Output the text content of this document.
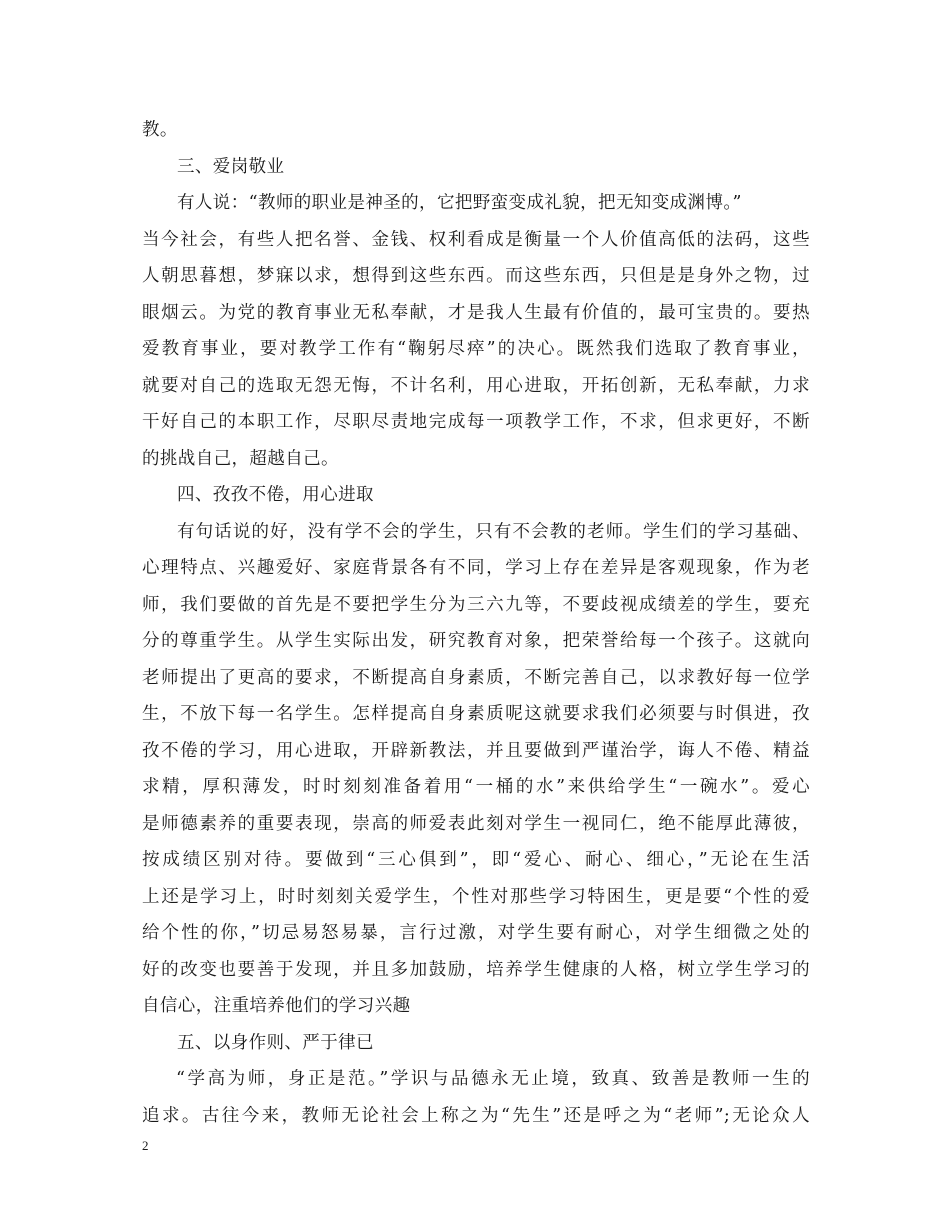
教。
三、爱岗敬业
有人说：“教师的职业是神圣的，它把野蛮变成礼貌，把无知变成渊博。”
当今社会，有些人把名誉、金钱、权利看成是衡量一个人价值高低的法码，这些
人朝思暮想，梦寐以求，想得到这些东西。而这些东西，只但是是身外之物，过
眼烟云。为党的教育事业无私奉献，才是我人生最有价值的，最可宝贵的。要热
爱教育事业，要对教学工作有“鞠躬尽瘁”的决心。既然我们选取了教育事业，
就要对自己的选取无怨无悔，不计名利，用心进取，开拓创新，无私奉献，力求
干好自己的本职工作，尽职尽责地完成每一项教学工作，不求，但求更好，不断
的挑战自己，超越自己。
四、孜孜不倦，用心进取
有句话说的好，没有学不会的学生，只有不会教的老师。学生们的学习基础、
心理特点、兴趣爱好、家庭背景各有不同，学习上存在差异是客观现象，作为老
师，我们要做的首先是不要把学生分为三六九等，不要歧视成绩差的学生，要充
分的尊重学生。从学生实际出发，研究教育对象，把荣誉给每一个孩子。这就向
老师提出了更高的要求，不断提高自身素质，不断完善自己，以求教好每一位学
生，不放下每一名学生。怎样提高自身素质呢这就要求我们必须要与时俱进，孜
孜不倦的学习，用心进取，开辟新教法，并且要做到严谨治学，诲人不倦、精益
求精，厚积薄发，时时刻刻准备着用“一桶的水”来供给学生“一碗水”。爱心
是师德素养的重要表现，崇高的师爱表此刻对学生一视同仁，绝不能厚此薄彼，
按成绩区别对待。要做到“三心俱到”，即“爱心、耐心、细心，”无论在生活
上还是学习上，时时刻刻关爱学生，个性对那些学习特困生，更是要“个性的爱
给个性的你，”切忌易怒易暴，言行过激，对学生要有耐心，对学生细微之处的
好的改变也要善于发现，并且多加鼓励，培养学生健康的人格，树立学生学习的
自信心，注重培养他们的学习兴趣
五、以身作则、严于律已
“学高为师，身正是范。”学识与品德永无止境，致真、致善是教师一生的
追求。古往今来，教师无论社会上称之为“先生”还是呼之为“老师”;无论众人
2
